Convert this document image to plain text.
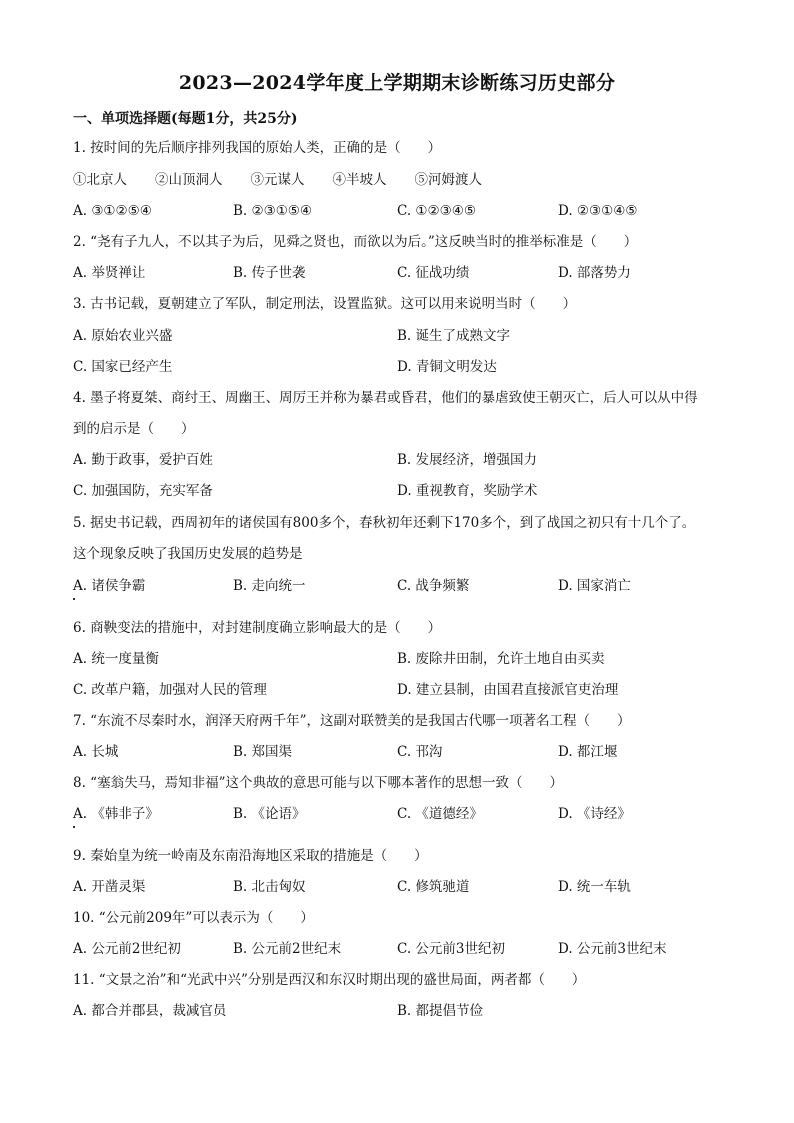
2023—2024学年度上学期期末诊断练习历史部分
一、单项选择题(每题1分，共25分)
1. 按时间的先后顺序排列我国的原始人类，正确的是（　　）
①北京人 ②山顶洞人 ③元谋人 ④半坡人 ⑤河姆渡人
A. ③①②⑤④	B. ②③①⑤④	C. ①②③④⑤	D. ②③①④⑤
2. “尧有子九人，不以其子为后，见舜之贤也，而欲以为后。”这反映当时的推举标准是（　　）
A. 举贤禅让	B. 传子世袭	C. 征战功绩	D. 部落势力
3. 古书记载，夏朝建立了军队，制定刑法，设置监狱。这可以用来说明当时（　　）
A. 原始农业兴盛	B. 诞生了成熟文字
C. 国家已经产生	D. 青铜文明发达
4. 墨子将夏桀、商纣王、周幽王、周厉王并称为暴君或昏君，他们的暴虐致使王朝灭亡，后人可以从中得
到的启示是（　　）
A. 勤于政事，爱护百姓	B. 发展经济，增强国力
C. 加强国防，充实军备	D. 重视教育，奖励学术
5. 据史书记载，西周初年的诸侯国有800多个，春秋初年还剩下170多个，到了战国之初只有十几个了。
这个现象反映了我国历史发展的趋势是
A. 诸侯争霸	B. 走向统一	C. 战争频繁	D. 国家消亡
6. 商鞅变法的措施中，对封建制度确立影响最大的是（　　）
A. 统一度量衡	B. 废除井田制，允许土地自由买卖
C. 改革户籍，加强对人民的管理	D. 建立县制，由国君直接派官吏治理
7. “东流不尽秦时水，润泽天府两千年”，这副对联赞美的是我国古代哪一项著名工程（　　）
A. 长城	B. 郑国渠	C. 邗沟	D. 都江堰
8. “塞翁失马，焉知非福”这个典故的意思可能与以下哪本著作的思想一致（　　）
A. 《韩非子》	B. 《论语》	C. 《道德经》	D. 《诗经》
9. 秦始皇为统一岭南及东南沿海地区采取的措施是（　　）
A. 开凿灵渠	B. 北击匈奴	C. 修筑驰道	D. 统一车轨
10. “公元前209年”可以表示为（　　）
A. 公元前2世纪初	B. 公元前2世纪末	C. 公元前3世纪初	D. 公元前3世纪末
11. “文景之治”和“光武中兴”分别是西汉和东汉时期出现的盛世局面，两者都（　　）
A. 都合并郡县，裁减官员	B. 都提倡节俭
